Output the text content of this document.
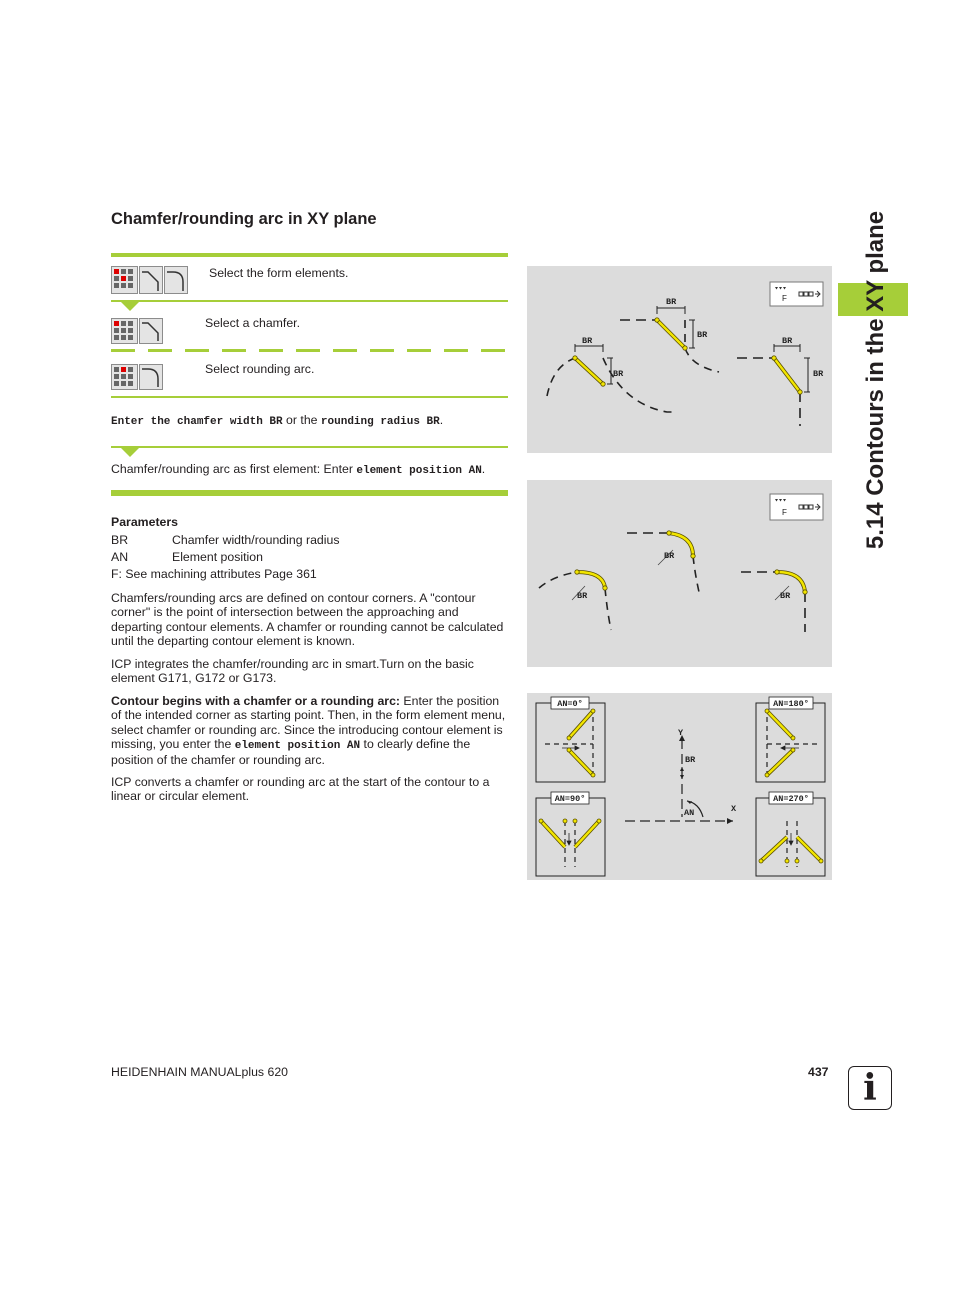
Chamfer/rounding arc in XY plane
Select the form elements.
Select a chamfer.
Select rounding arc.
Enter the chamfer width BR or the rounding radius BR.
Chamfer/rounding arc as first element: Enter element position AN.
Parameters
BR	Chamfer width/rounding radius
AN	Element position
F: See machining attributes Page 361
Chamfers/rounding arcs are defined on contour corners. A "contour corner" is the point of intersection between the approaching and departing contour elements. A chamfer or rounding cannot be calculated until the departing contour element is known.
ICP integrates the chamfer/rounding arc in smart.Turn on the basic element G171, G172 or G173.
Contour begins with a chamfer or a rounding arc: Enter the position of the intended corner as starting point. Then, in the form element menu, select chamfer or rounding arc. Since the introducing contour element is missing, you enter the element position AN to clearly define the position of the chamfer or rounding arc.
ICP converts a chamfer or rounding arc at the start of the contour to a linear or circular element.
BR
BR
BR
BR
BR
BR
F
BR
BR	BR
F
AN=0°	AN=180°
AN=90°	AN=270°
Y
X
BR
AN
5.14 Contours in the XY plane
HEIDENHAIN MANUALplus 620	437 i
